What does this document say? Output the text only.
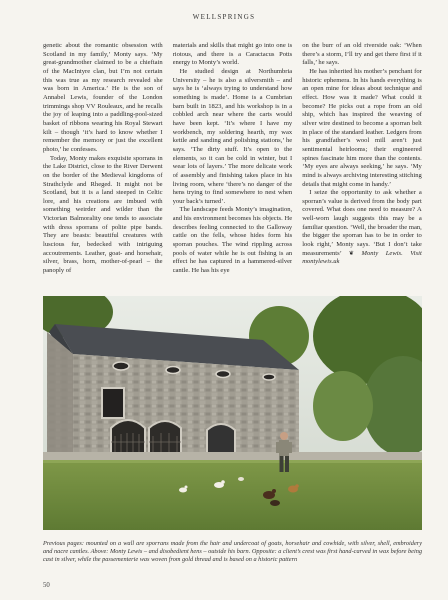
WELLSPRINGS

genetic about the romantic obsession with Scotland in my family,’ Monty says. ‘My great-grandmother claimed to be a chieftain of the MacIntyre clan, but I’m not certain this was true as my research revealed she was born in America.’ He is the son of Annabel Lewis, founder of the London trimmings shop VV Rouleaux, and he recalls the joy of leaping into a paddling-pool-sized basket of ribbons wearing his Royal Stewart kilt – though ‘it’s hard to know whether I remember the memory or just the excellent photo,’ he confesses.

Today, Monty makes exquisite sporrans in the Lake District, close to the River Derwent on the border of the Medieval kingdoms of Strathclyde and Rheged. It might not be Scotland, but it is a land steeped in Celtic lore, and his creations are imbued with something weirder and wilder than the Victorian Balmorality one tends to associate with dress sporrans of polite pipe bands. They are beasts: beautiful creatures with luscious fur, bedecked with intriguing accoutrements. Leather, goat- and horsehair, silver, brass, horn, mother-of-pearl – the panoply of

materials and skills that might go into one is riotous, and there is a Caractacus Potts energy to Monty’s world.

He studied design at Northumbria University – he is also a silversmith – and says he is ‘always trying to understand how something is made’. Home is a Cumbrian barn built in 1823, and his workshop is in a cobbled arch near where the carts would have been kept. ‘It’s where I have my workbench, my soldering hearth, my wax kettle and sanding and polishing stations,’ he says. ‘The dirty stuff. It’s open to the elements, so it can be cold in winter, but I wear lots of layers.’ The more delicate work of assembly and finishing takes place in his living room, where ‘there’s no danger of the hens trying to find somewhere to nest when your back’s turned’.

The landscape feeds Monty’s imagination, and his environment becomes his objects. He describes feeling connected to the Galloway cattle on the fells, whose hides form his sporran pouches. The wind rippling across pools of water while he is out fishing is an effect he has captured in a hammered-silver cantle. He has his eye

on the burr of an old riverside oak: ‘When there’s a storm, I’ll try and get there first if it falls,’ he says.

He has inherited his mother’s penchant for historic ephemera. In his hands everything is an open mine for ideas about technique and effect. How was it made? What could it become? He picks out a rope from an old ship, which has inspired the weaving of silver wire destined to become a sporran belt in place of the standard leather. Ledgers from his grandfather’s wool mill aren’t just sentimental heirlooms; their engineered spines fascinate him more than the contents. ‘My eyes are always seeking,’ he says. ‘My mind is always archiving interesting stitching details that might come in handy.’

I seize the opportunity to ask whether a sporran’s value is derived from the body part covered. What does one need to measure? A well-worn laugh suggests this may be a familiar question. ‘Well, the broader the man, the bigger the sporran has to be in order to look right,’ Monty says. ‘But I don’t take measurements’ ❦ Monty Lewis. Visit montylewis.uk

Previous pages: mounted on a wall are sporrans made from the hair and undercoat of goats, horsehair and cowhide, with silver, shell, embroidery and nacre cantles. Above: Monty Lewis – and disobedient hens – outside his barn. Opposite: a client’s crest was first hand-carved in wax before being cast in silver, while the passementerie was woven from gold thread and is based on a historic pattern
50
